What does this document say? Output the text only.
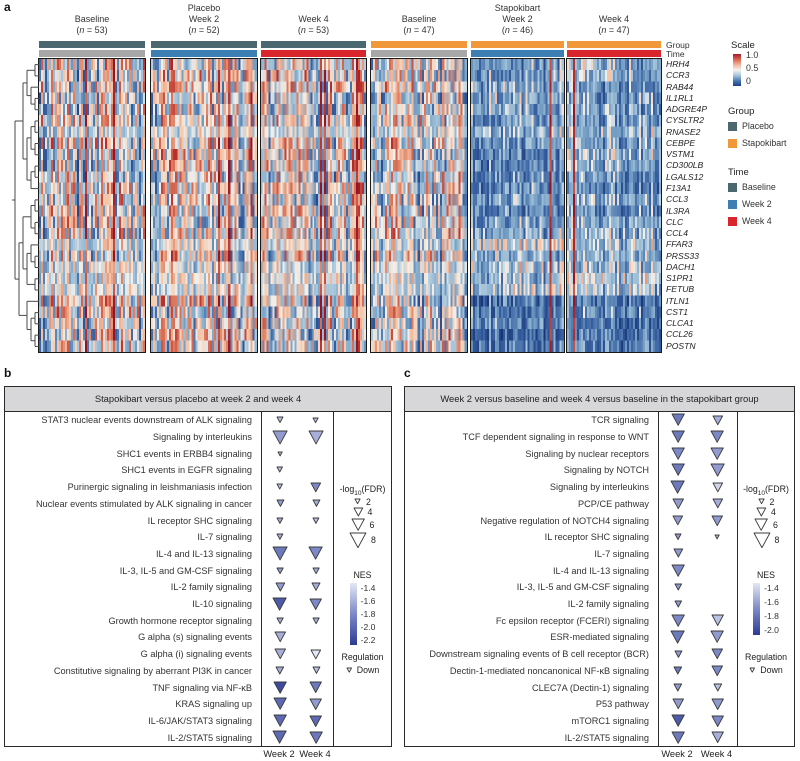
a
b	c
Baseline
(n = 53)
Week 2
(n = 52)
Week 4
(n = 53)
Baseline
(n = 47)
Week 2
(n = 46)
Week 4
(n = 47)
Placebo	Stapokibart
Group
Time
HRH4
CCR3
RAB44
IL1RL1
ADGRE4P
CYSLTR2
RNASE2
CEBPE
VSTM1
CD300LB
LGALS12
F13A1
CCL3
IL3RA
CLC
CCL4
FFAR3
PRSS33
DACH1
S1PR1
FETUB
ITLN1
CST1
CLCA1
CCL26
POSTN
Scale
1.0
0.5
0
Group
Placebo
Stapokibart
Time
Baseline
Week 2
Week 4
Stapokibart versus placebo at week 2 and week 4
STAT3 nuclear events downstream of ALK signaling
Signaling by interleukins
SHC1 events in ERBB4 signaling
SHC1 events in EGFR signaling
Purinergic signaling in leishmaniasis infection
Nuclear events stimulated by ALK signaling in cancer
IL receptor SHC signaling
IL-7 signaling
IL-4 and IL-13 signaling
IL-3, IL-5 and GM-CSF signaling
IL-2 family signaling
IL-10 signaling
Growth hormone receptor signaling
G alpha (s) signaling events
G alpha (i) signaling events
Constitutive signaling by aberrant PI3K in cancer
TNF signaling via NF-κB
KRAS signaling up
IL-6/JAK/STAT3 signaling
IL-2/STAT5 signaling
$-\log_{10}(FDR)$
2
4
6
8
NES
-1.4
-1.6
-1.8
-2.0
-2.2
Regulation
Down
Week 2 Week 4
Week 2 versus baseline and week 4 versus baseline in the stapokibart group
TCR signaling
TCF dependent signaling in response to WNT
Signaling by nuclear receptors
Signaling by NOTCH
Signaling by interleukins
PCP/CE pathway
Negative regulation of NOTCH4 signaling
IL receptor SHC signaling
IL-7 signaling
IL-4 and IL-13 signaling
IL-3, IL-5 and GM-CSF signaling
IL-2 family signaling
Fc epsilon receptor (FCERI) signaling
ESR-mediated signaling
Downstream signaling events of B cell receptor (BCR)
Dectin-1-mediated noncanonical NF-κB signaling
CLEC7A (Dectin-1) signaling
P53 pathway
mTORC1 signaling
IL-2/STAT5 signaling
$-\log_{10}(FDR)$
2
4
6
8
NES
-1.4
-1.6
-1.8
-2.0
Regulation
Down
Week 2 Week 4
